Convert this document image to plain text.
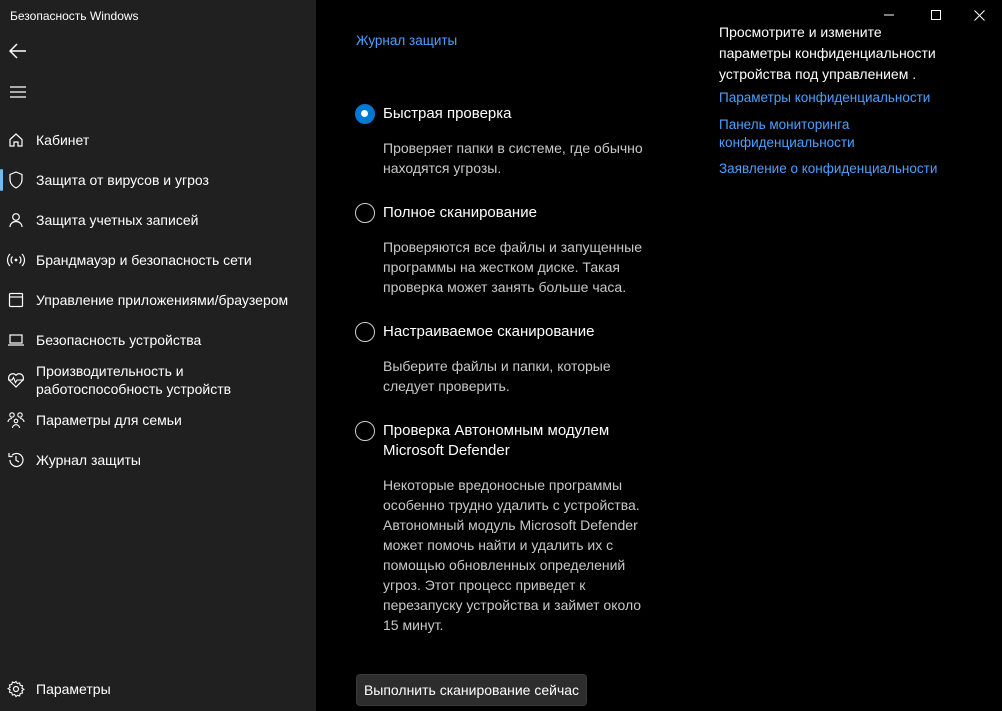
Безопасность Windows
Кабинет
Защита от вирусов и угроз
Защита учетных записей
Брандмауэр и безопасность сети
Управление приложениями/браузером
Безопасность устройства
Производительность и
работоспособность устройств
Параметры для семьи
Журнал защиты
Параметры
Журнал защиты
Быстрая проверка
Проверяет папки в системе, где обычно
находятся угрозы.
Полное сканирование
Проверяются все файлы и запущенные
программы на жестком диске. Такая
проверка может занять больше часа.
Настраиваемое сканирование
Выберите файлы и папки, которые
следует проверить.
Проверка Автономным модулем
Microsoft Defender
Некоторые вредоносные программы
особенно трудно удалить с устройства.
Автономный модуль Microsoft Defender
может помочь найти и удалить их с
помощью обновленных определений
угроз. Этот процесс приведет к
перезапуску устройства и займет около
15 минут.
Выполнить сканирование сейчас
Просмотрите и измените
параметры конфиденциальности
устройства под управлением .
Параметры конфиденциальности
Панель мониторинга
конфиденциальности
Заявление о конфиденциальности
